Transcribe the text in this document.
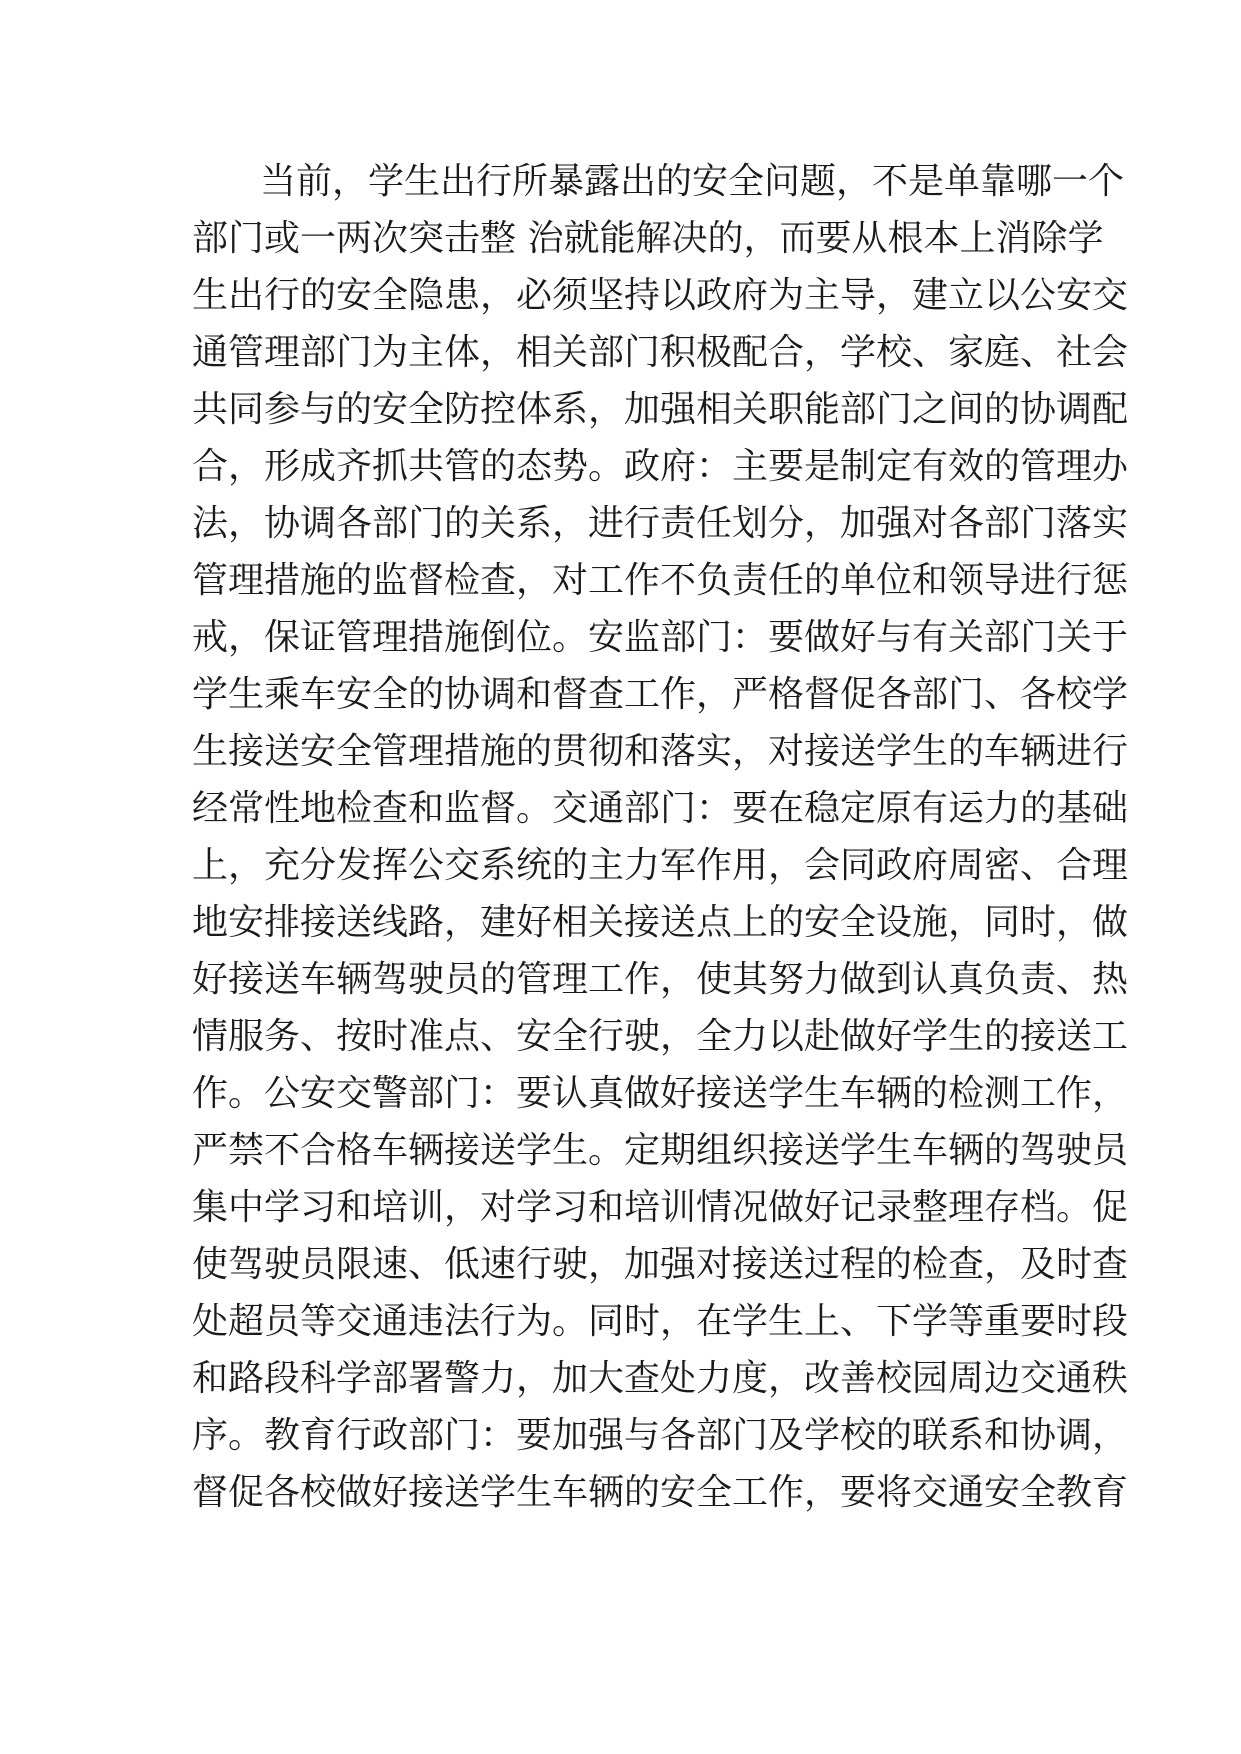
当前，学生出行所暴露出的安全问题，不是单靠哪一个
部门或一两次突击整 治就能解决的，而要从根本上消除学
生出行的安全隐患，必须坚持以政府为主导，建立以公安交
通管理部门为主体，相关部门积极配合，学校、家庭、社会
共同参与的安全防控体系，加强相关职能部门之间的协调配
合，形成齐抓共管的态势。政府：主要是制定有效的管理办
法，协调各部门的关系，进行责任划分，加强对各部门落实
管理措施的监督检查，对工作不负责任的单位和领导进行惩
戒，保证管理措施倒位。安监部门：要做好与有关部门关于
学生乘车安全的协调和督查工作，严格督促各部门、各校学
生接送安全管理措施的贯彻和落实，对接送学生的车辆进行
经常性地检查和监督。交通部门：要在稳定原有运力的基础
上，充分发挥公交系统的主力军作用，会同政府周密、合理
地安排接送线路，建好相关接送点上的安全设施，同时，做
好接送车辆驾驶员的管理工作，使其努力做到认真负责、热
情服务、按时准点、安全行驶，全力以赴做好学生的接送工
作。公安交警部门：要认真做好接送学生车辆的检测工作，
严禁不合格车辆接送学生。定期组织接送学生车辆的驾驶员
集中学习和培训，对学习和培训情况做好记录整理存档。促
使驾驶员限速、低速行驶，加强对接送过程的检查，及时查
处超员等交通违法行为。同时，在学生上、下学等重要时段
和路段科学部署警力，加大查处力度，改善校园周边交通秩
序。教育行政部门：要加强与各部门及学校的联系和协调，
督促各校做好接送学生车辆的安全工作，要将交通安全教育
